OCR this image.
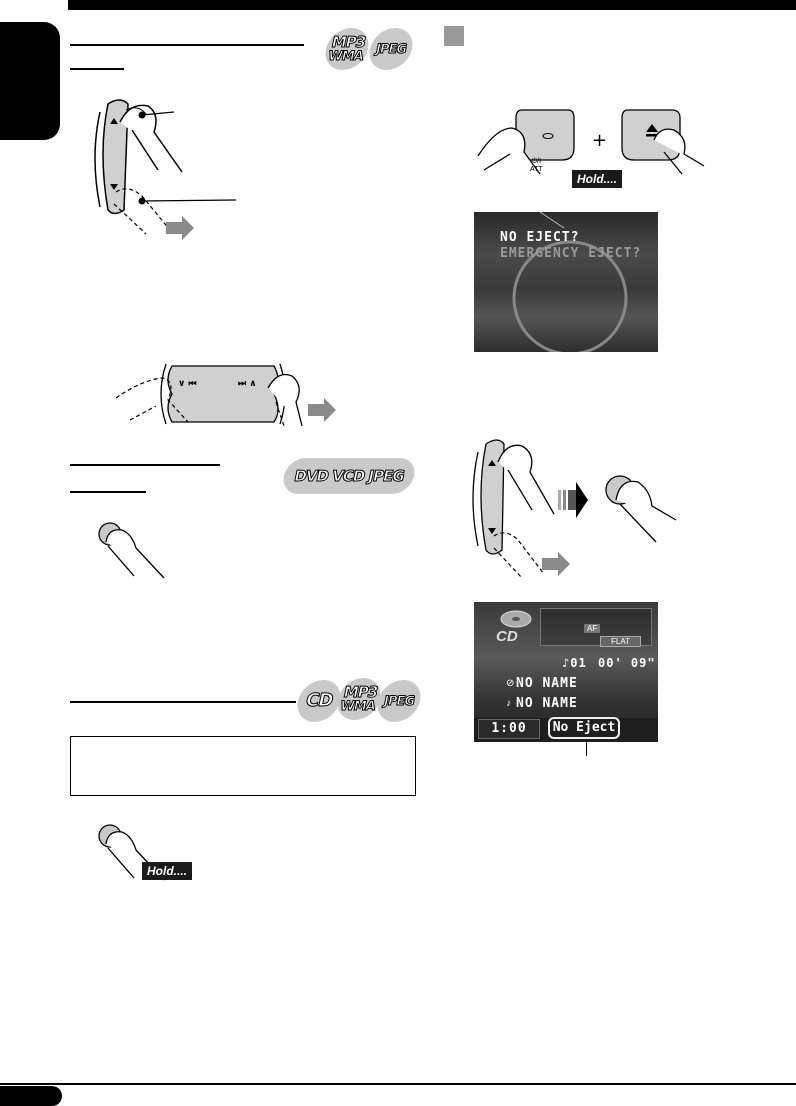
MP3
WMA JPEG
∨ ⏮	⏭ ∧
DVD
VCD
JPEG
CD MP3
WMA JPEG
Hold....
+
⏻/I
ATT
Hold....
NO EJECT?
EMERGENCY EJECT?
CD	AF
FLAT
♪01 00' 09"
⊘ NO NAME
♪ NO NAME
1:00	No Eject
